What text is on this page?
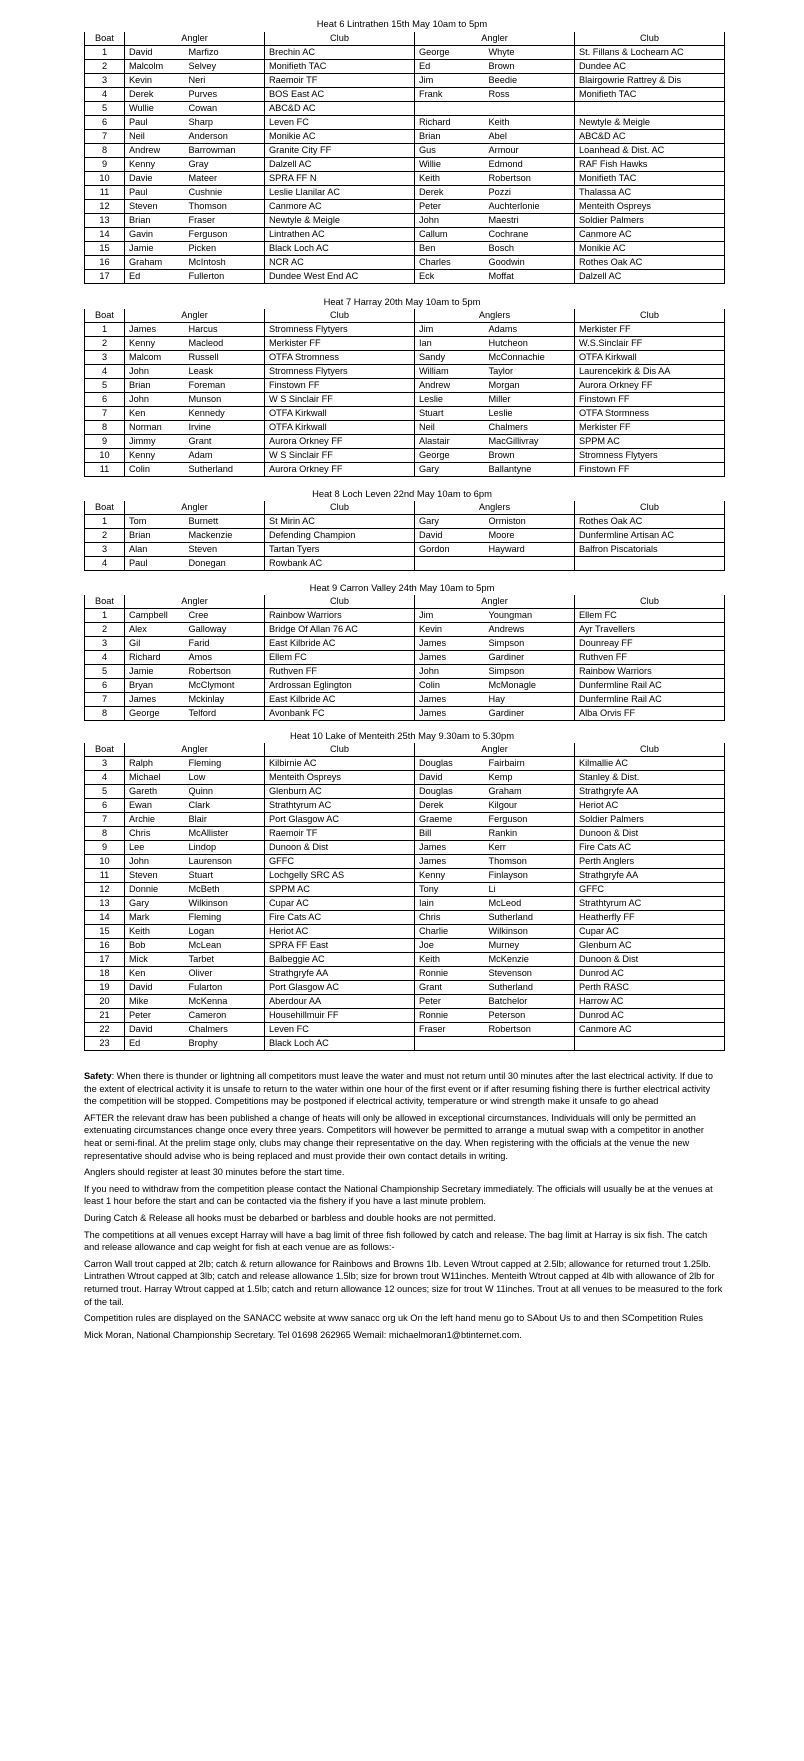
Heat 6 Lintrathen 15th May 10am to 5pm
Boat	Angler		Club	Angler		Club
1	David	Marfizo	Brechin AC	George	Whyte	St. Fillans & Lochearn AC
2	Malcolm	Selvey	Monifieth TAC	Ed	Brown	Dundee AC
3	Kevin	Neri	Raemoir TF	Jim	Beedie	Blairgowrie Rattrey & Dis
4	Derek	Purves	BOS East AC	Frank	Ross	Monifieth TAC
5	Wullie	Cowan	ABC&D AC			
6	Paul	Sharp	Leven FC	Richard	Keith	Newtyle & Meigle
7	Neil	Anderson	Monikie AC	Brian	Abel	ABC&D AC
8	Andrew	Barrowman	Granite City FF	Gus	Armour	Loanhead & Dist. AC
9	Kenny	Gray	Dalzell AC	Willie	Edmond	RAF Fish Hawks
10	Davie	Mateer	SPRA FF N	Keith	Robertson	Monifieth TAC
11	Paul	Cushnie	Leslie Llanilar AC	Derek	Pozzi	Thalassa AC
12	Steven	Thomson	Canmore AC	Peter	Auchterlonie	Menteith Ospreys
13	Brian	Fraser	Newtyle & Meigle	John	Maestri	Soldier Palmers
14	Gavin	Ferguson	Lintrathen AC	Callum	Cochrane	Canmore AC
15	Jamie	Picken	Black Loch AC	Ben	Bosch	Monikie AC
16	Graham	McIntosh	NCR AC	Charles	Goodwin	Rothes Oak AC
17	Ed	Fullerton	Dundee West End AC	Eck	Moffat	Dalzell AC
Heat 7 Harray 20th May 10am to 5pm
Boat	Angler		Club	Anglers		Club
1	James	Harcus	Stromness Flytyers	Jim	Adams	Merkister FF
2	Kenny	Macleod	Merkister FF	Ian	Hutcheon	W.S.Sinclair FF
3	Malcom	Russell	OTFA Stromness	Sandy	McConnachie	OTFA Kirkwall
4	John	Leask	Stromness Flytyers	William	Taylor	Laurencekirk & Dis AA
5	Brian	Foreman	Finstown FF	Andrew	Morgan	Aurora Orkney FF
6	John	Munson	W S Sinclair FF	Leslie	Miller	Finstown FF
7	Ken	Kennedy	OTFA Kirkwall	Stuart	Leslie	OTFA Stormness
8	Norman	Irvine	OTFA Kirkwall	Neil	Chalmers	Merkister FF
9	Jimmy	Grant	Aurora Orkney FF	Alastair	MacGillivray	SPPM AC
10	Kenny	Adam	W S Sinclair FF	George	Brown	Stromness Flytyers
11	Colin	Sutherland	Aurora Orkney FF	Gary	Ballantyne	Finstown FF
Heat 8 Loch Leven 22nd May 10am to 6pm
Boat	Angler		Club	Anglers		Club
1	Tom	Burnett	St Mirin AC	Gary	Ormiston	Rothes Oak AC
2	Brian	Mackenzie	Defending Champion	David	Moore	Dunfermline Artisan AC
3	Alan	Steven	Tartan Tyers	Gordon	Hayward	Balfron Piscatorials
4	Paul	Donegan	Rowbank AC			
Heat 9 Carron Valley 24th May 10am to 5pm
Boat	Angler		Club	Angler		Club
1	Campbell	Cree	Rainbow Warriors	Jim	Youngman	Ellem FC
2	Alex	Galloway	Bridge Of Allan 76 AC	Kevin	Andrews	Ayr Travellers
3	Gil	Farid	East Kilbride AC	James	Simpson	Dounreay FF
4	Richard	Amos	Ellem FC	James	Gardiner	Ruthven FF
5	Jamie	Robertson	Ruthven FF	John	Simpson	Rainbow Warriors
6	Bryan	McClymont	Ardrossan Eglington	Colin	McMonagle	Dunfermline Rail AC
7	James	Mckinlay	East Kilbride AC	James	Hay	Dunfermline Rail AC
8	George	Telford	Avonbank FC	James	Gardiner	Alba Orvis FF
Heat 10 Lake of Menteith 25th May 9.30am to 5.30pm
Boat	Angler		Club	Angler		Club
3	Ralph	Fleming	Kilbirnie AC	Douglas	Fairbairn	Kilmallie AC
4	Michael	Low	Menteith Ospreys	David	Kemp	Stanley & Dist.
5	Gareth	Quinn	Glenburn AC	Douglas	Graham	Strathgryfe AA
6	Ewan	Clark	Strathtyrum AC	Derek	Kilgour	Heriot AC
7	Archie	Blair	Port Glasgow AC	Graeme	Ferguson	Soldier Palmers
8	Chris	McAllister	Raemoir TF	Bill	Rankin	Dunoon & Dist
9	Lee	Lindop	Dunoon & Dist	James	Kerr	Fire Cats AC
10	John	Laurenson	GFFC	James	Thomson	Perth Anglers
11	Steven	Stuart	Lochgelly SRC AS	Kenny	Finlayson	Strathgryfe AA
12	Donnie	McBeth	SPPM AC	Tony	Li	GFFC
13	Gary	Wilkinson	Cupar AC	Iain	McLeod	Strathtyrum AC
14	Mark	Fleming	Fire Cats AC	Chris	Sutherland	Heatherfly FF
15	Keith	Logan	Heriot AC	Charlie	Wilkinson	Cupar AC
16	Bob	McLean	SPRA FF East	Joe	Murney	Glenburn AC
17	Mick	Tarbet	Balbeggie AC	Keith	McKenzie	Dunoon & Dist
18	Ken	Oliver	Strathgryfe AA	Ronnie	Stevenson	Dunrod AC
19	David	Fularton	Port Glasgow AC	Grant	Sutherland	Perth RASC
20	Mike	McKenna	Aberdour AA	Peter	Batchelor	Harrow AC
21	Peter	Cameron	Househillmuir FF	Ronnie	Peterson	Dunrod AC
22	David	Chalmers	Leven FC	Fraser	Robertson	Canmore AC
23	Ed	Brophy	Black Loch AC			

Safety: When there is thunder or lightning all competitors must leave the water and must not return until 30 minutes after the last electrical activity. If due to the extent of electrical activity it is unsafe to return to the water within one hour of the first event or if after resuming fishing there is further electrical activity the competition will be stopped. Competitions may be postponed if electrical activity, temperature or wind strength make it unsafe to go ahead

AFTER the relevant draw has been published a change of heats will only be allowed in exceptional circumstances. Individuals will only be permitted an extenuating circumstances change once every three years. Competitors will however be permitted to arrange a mutual swap with a competitor in another heat or semi-final. At the prelim stage only, clubs may change their representative on the day. When registering with the officials at the venue the new representative should advise who is being replaced and must provide their own contact details in writing.

Anglers should register at least 30 minutes before the start time.

If you need to withdraw from the competition please contact the National Championship Secretary immediately. The officials will usually be at the venues at least 1 hour before the start and can be contacted via the fishery if you have a last minute problem.

During Catch & Release all hooks must be debarbed or barbless and double hooks are not permitted.

The competitions at all venues except Harray will have a bag limit of three fish followed by catch and release. The bag limit at Harray is six fish. The catch and release allowance and cap weight for fish at each venue are as follows:-

Carron Wall trout capped at 2lb; catch & return allowance for Rainbows and Browns 1lb. Leven Wtrout capped at 2.5lb; allowance for returned trout 1.25lb. Lintrathen Wtrout capped at 3lb; catch and release allowance 1.5lb; size for brown trout W11inches. Menteith Wtrout capped at 4lb with allowance of 2lb for returned trout. Harray Wtrout capped at 1.5lb; catch and return allowance 12 ounces; size for trout W 11inches. Trout at all venues to be measured to the fork of the tail.

Competition rules are displayed on the SANACC website at www sanacc org uk On the left hand menu go to SAbout Us to and then SCompetition Rules

Mick Moran, National Championship Secretary. Tel 01698 262965 Wemail: michaelmoran1@btinternet.com.
